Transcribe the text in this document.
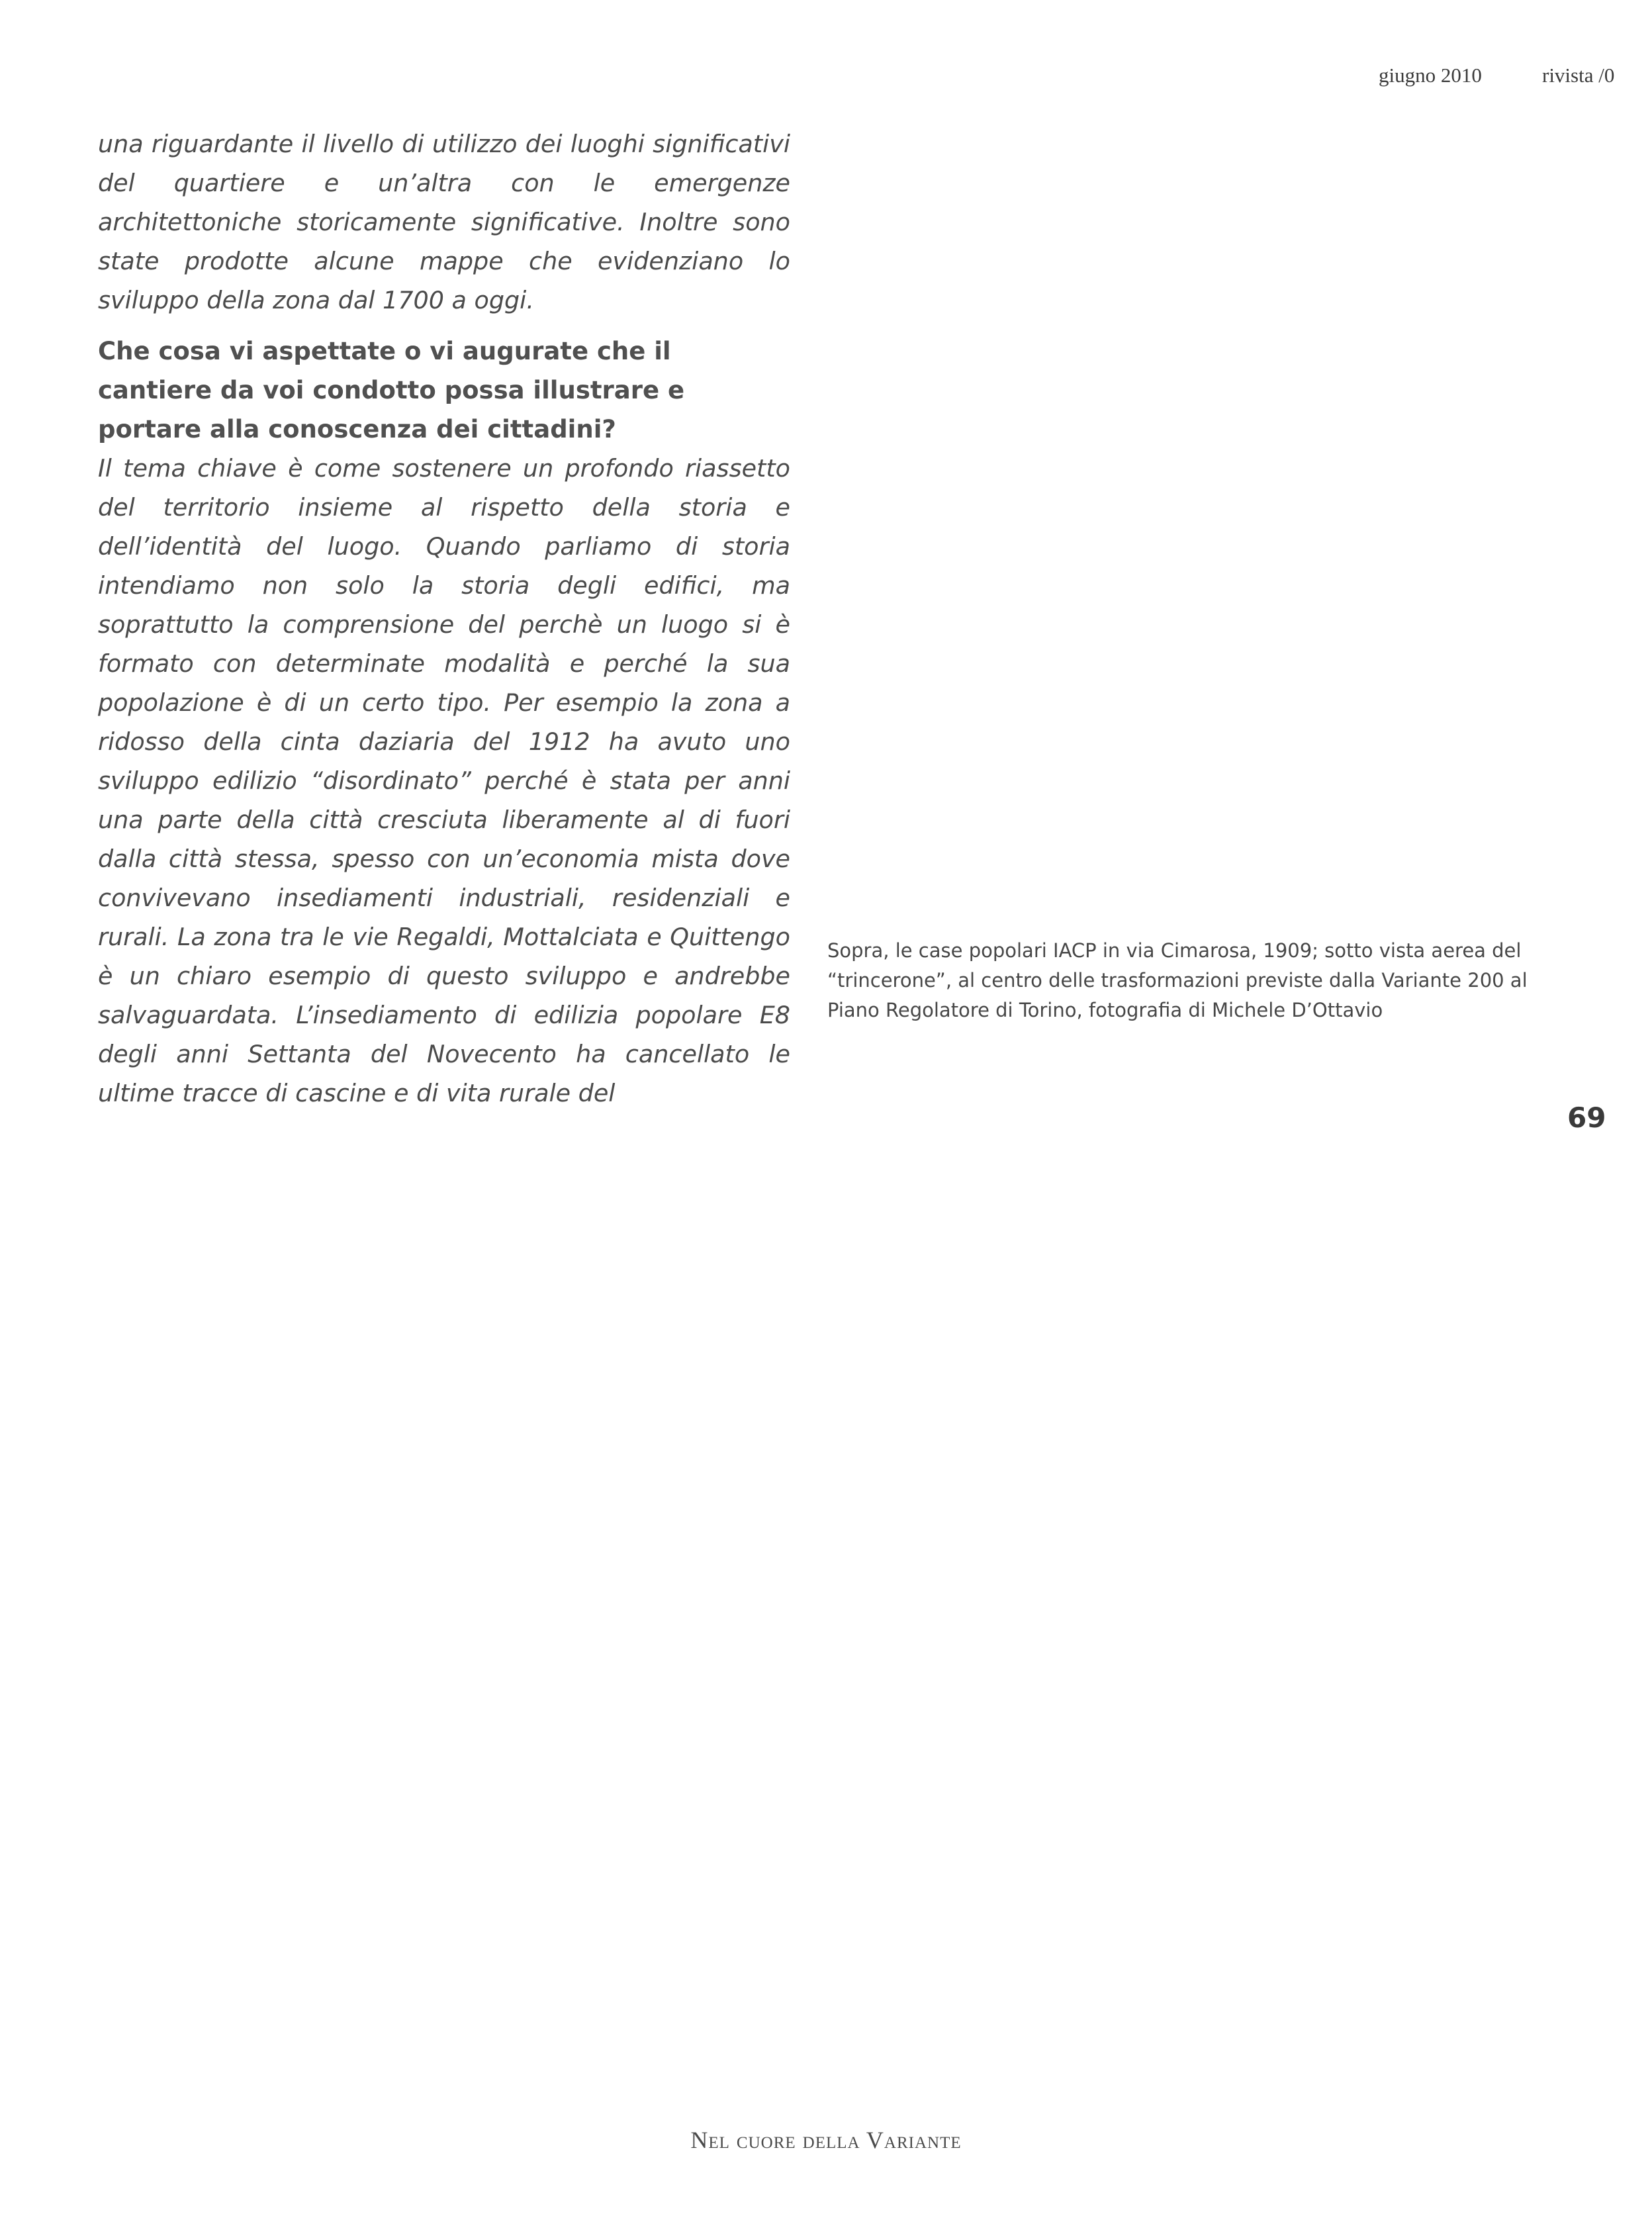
giugno 2010	rivista /0

una riguardante il livello di utilizzo dei luoghi significativi del quartiere e un’altra con le emergenze architettoniche storicamente significative. Inoltre sono state prodotte alcune mappe che evidenziano lo sviluppo della zona dal 1700 a oggi.

Che cosa vi aspettate o vi augurate che il cantiere da voi condotto possa illustrare e portare alla conoscenza dei cittadini?

Il tema chiave è come sostenere un profondo riassetto del territorio insieme al rispetto della storia e dell’identità del luogo. Quando parliamo di storia intendiamo non solo la storia degli edifici, ma soprattutto la comprensione del perchè un luogo si è formato con determinate modalità e perché la sua popolazione è di un certo tipo. Per esempio la zona a ridosso della cinta daziaria del 1912 ha avuto uno sviluppo edilizio “disordinato” perché è stata per anni una parte della città cresciuta liberamente al di fuori dalla città stessa, spesso con un’economia mista dove convivevano insediamenti industriali, residenziali e rurali. La zona tra le vie Regaldi, Mottalciata e Quittengo è un chiaro esempio di questo sviluppo e andrebbe salvaguardata. L’insediamento di edilizia popolare E8 degli anni Settanta del Novecento ha cancellato le ultime tracce di cascine e di vita rurale del

Sopra, le case popolari IACP in via Cimarosa, 1909; sotto vista aerea del “trincerone”, al centro delle trasformazioni previste dalla Variante 200 al Piano Regolatore di Torino, fotografia di Michele D’Ottavio

69
Nel cuore della Variante
